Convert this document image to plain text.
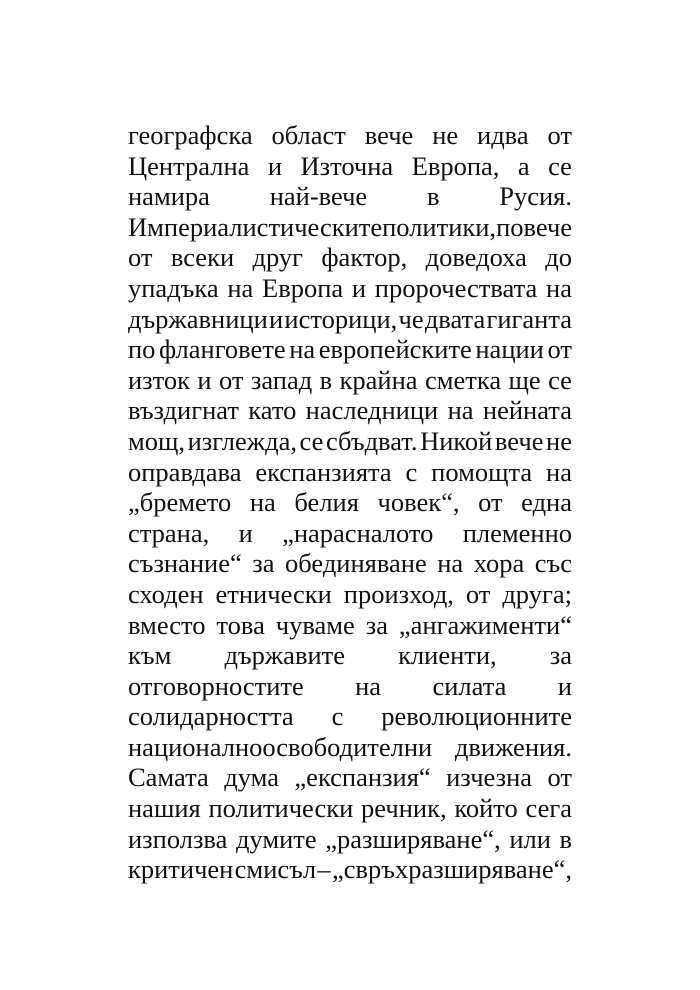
географска област вече не идва от
Централна и Източна Европа, а се
намира най-вече в Русия.
Империалистическите политики, повече
от всеки друг фактор, доведоха до
упадъка на Европа и пророчествата на
държавници и историци, че двата гиганта
по фланговете на европейските нации от
изток и от запад в крайна сметка ще се
въздигнат като наследници на нейната
мощ, изглежда, се сбъдват. Никой вече не
оправдава експанзията с помощта на
„бремето на белия човек“, от една
страна, и „нарасналото племенно
съзнание“ за обединяване на хора със
сходен етнически произход, от друга;
вместо това чуваме за „ангажименти“
към държавите клиенти, за
отговорностите на силата и
солидарността с революционните
националноосвободителни движения.
Самата дума „експанзия“ изчезна от
нашия политически речник, който сега
използва думите „разширяване“, или в
критичен смисъл – „свръхразширяване“,
